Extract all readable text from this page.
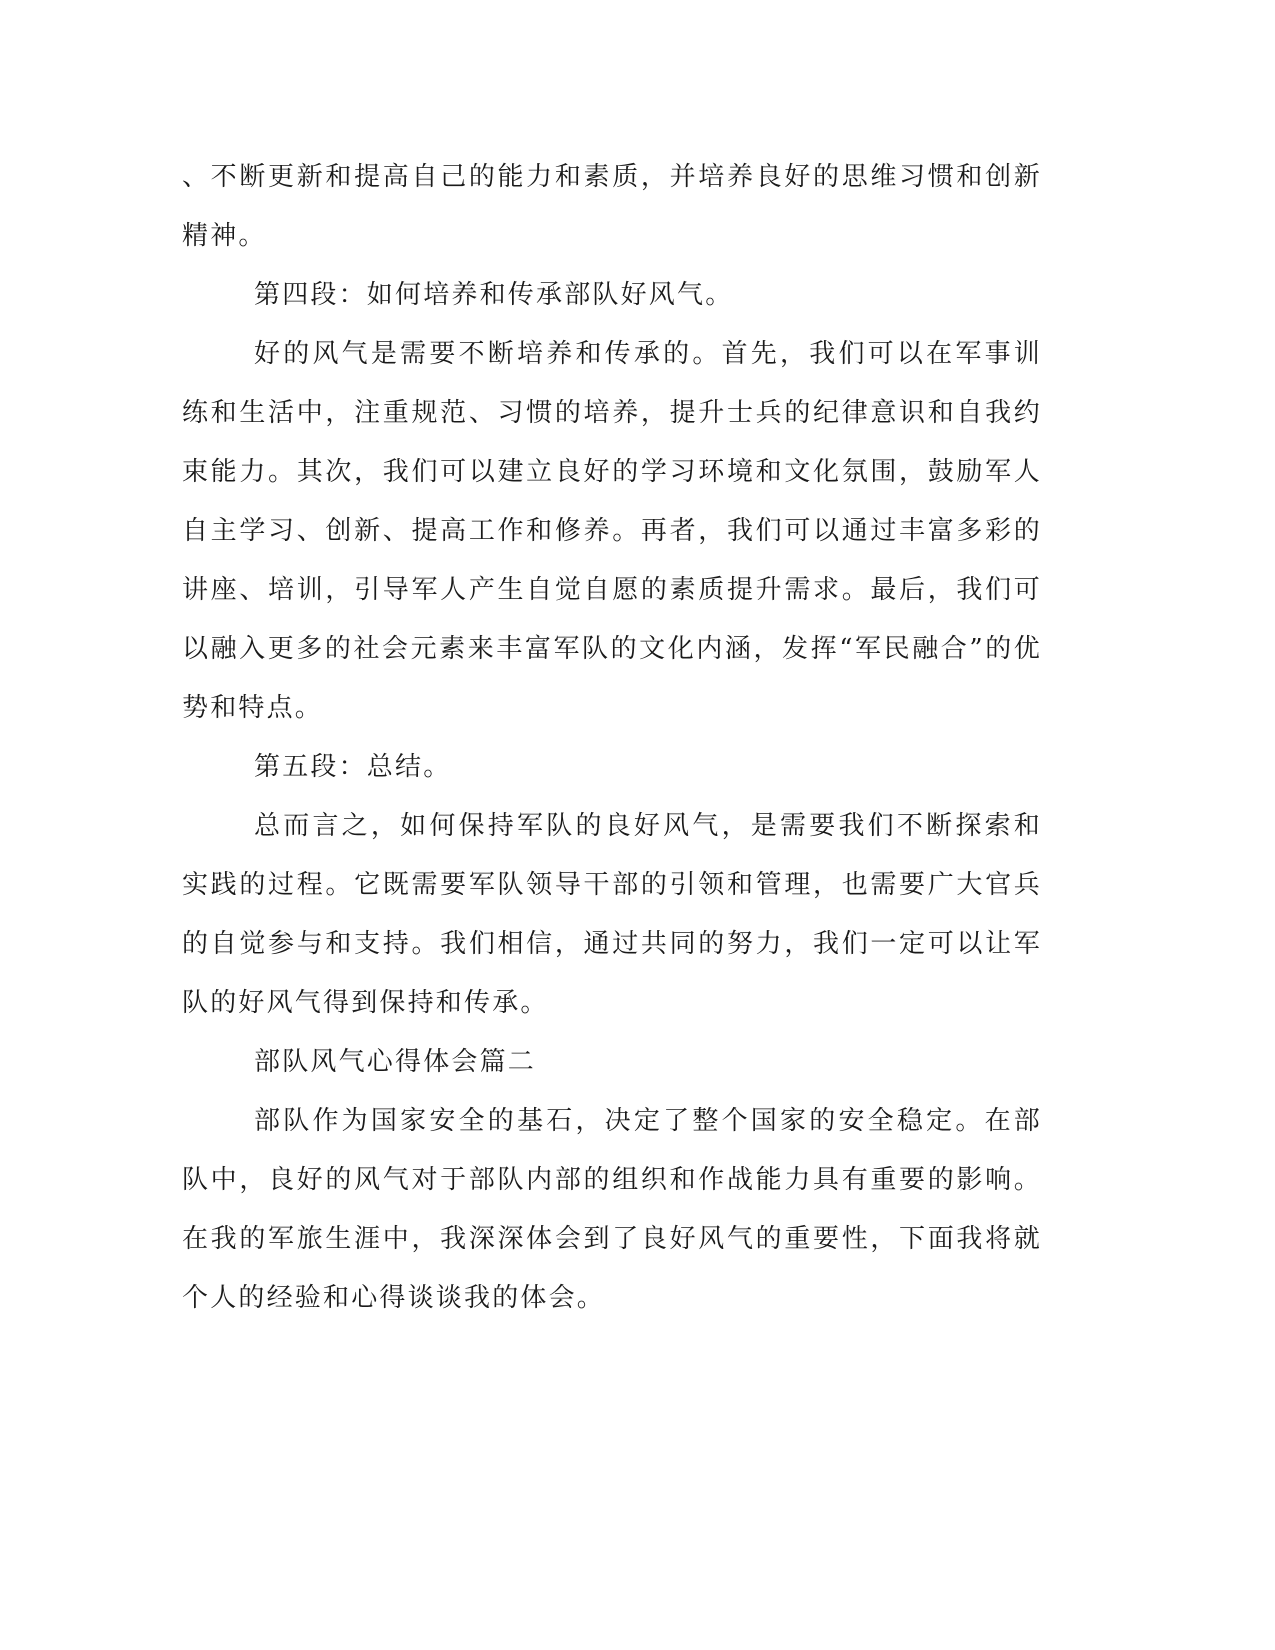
、不断更新和提高自己的能力和素质，并培养良好的思维习惯和创新精神。

第四段：如何培养和传承部队好风气。

好的风气是需要不断培养和传承的。首先，我们可以在军事训练和生活中，注重规范、习惯的培养，提升士兵的纪律意识和自我约束能力。其次，我们可以建立良好的学习环境和文化氛围，鼓励军人自主学习、创新、提高工作和修养。再者，我们可以通过丰富多彩的讲座、培训，引导军人产生自觉自愿的素质提升需求。最后，我们可以融入更多的社会元素来丰富军队的文化内涵，发挥“军民融合”的优势和特点。

第五段：总结。

总而言之，如何保持军队的良好风气，是需要我们不断探索和实践的过程。它既需要军队领导干部的引领和管理，也需要广大官兵的自觉参与和支持。我们相信，通过共同的努力，我们一定可以让军队的好风气得到保持和传承。

部队风气心得体会篇二

部队作为国家安全的基石，决定了整个国家的安全稳定。在部队中，良好的风气对于部队内部的组织和作战能力具有重要的影响。在我的军旅生涯中，我深深体会到了良好风气的重要性，下面我将就个人的经验和心得谈谈我的体会。
